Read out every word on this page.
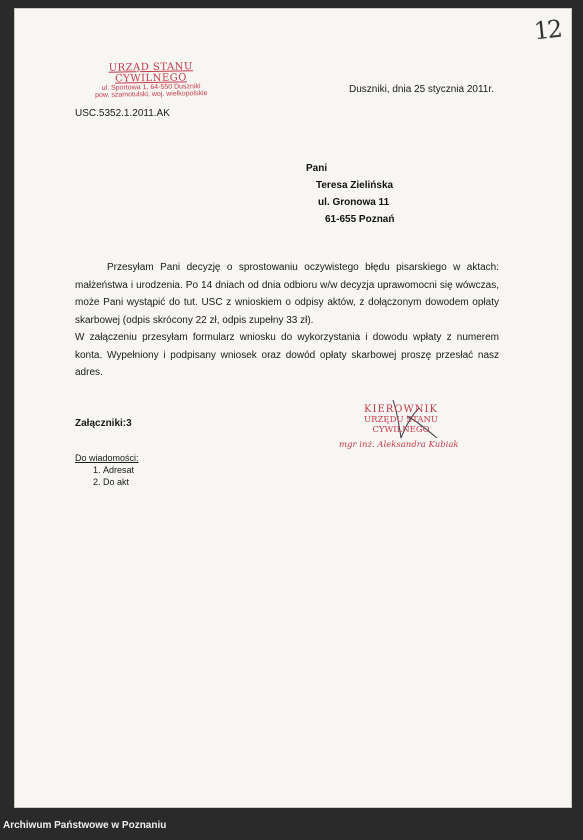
12
URZĄD STANU CYWILNEGO
ul. Sportowa 1, 64-550 Duszniki
pow. szamotulski, woj. wielkopolskie	Duszniki, dnia 25 stycznia 2011r.
USC.5352.1.2011.AK
Pani
Teresa Zielińska
ul. Gronowa 11
61-655 Poznań

Przesyłam Pani decyzję o sprostowaniu oczywistego błędu pisarskiego w aktach: małżeństwa i urodzenia. Po 14 dniach od dnia odbioru w/w decyzja uprawomocni się wówczas, może Pani wystąpić do tut. USC z wnioskiem o odpisy aktów, z dołączonym dowodem opłaty skarbowej (odpis skrócony 22 zł, odpis zupełny 33 zł).

W załączeniu przesyłam formularz wniosku do wykorzystania i dowodu wpłaty z numerem konta. Wypełniony i podpisany wniosek oraz dowód opłaty skarbowej proszę przesłać nasz adres.

Załączniki:3
KIEROWNIK
URZĘDU STANU CYWILNEGO
mgr inż. Aleksandra Kubiak
Do wiadomości:
1. Adresat
2. Do akt
Archiwum Państwowe w Poznaniu
